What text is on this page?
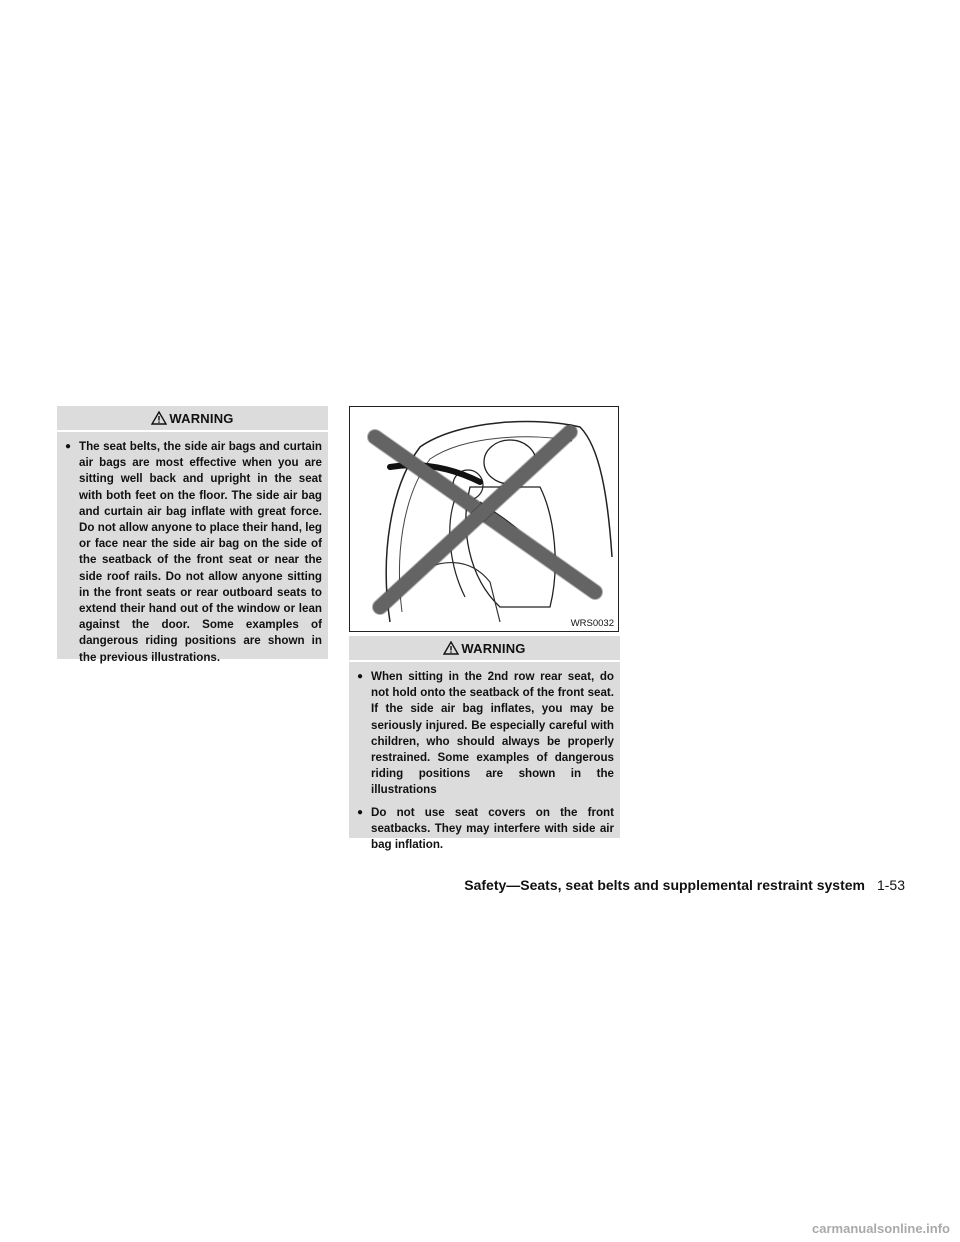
WARNING
● The seat belts, the side air bags and curtain air bags are most effective when you are sitting well back and upright in the seat with both feet on the floor. The side air bag and curtain air bag inflate with great force. Do not allow anyone to place their hand, leg or face near the side air bag on the side of the seatback of the front seat or near the side roof rails. Do not allow anyone sitting in the front seats or rear outboard seats to extend their hand out of the window or lean against the door. Some examples of dangerous riding positions are shown in the previous illustrations.
WRS0032
WARNING
● When sitting in the 2nd row rear seat, do not hold onto the seatback of the front seat. If the side air bag inflates, you may be seriously injured. Be especially careful with children, who should always be properly restrained. Some examples of dangerous riding positions are shown in the illustrations
● Do not use seat covers on the front seatbacks. They may interfere with side air bag inflation.
Safety—Seats, seat belts and supplemental restraint system 1-53
carmanualsonline.info
